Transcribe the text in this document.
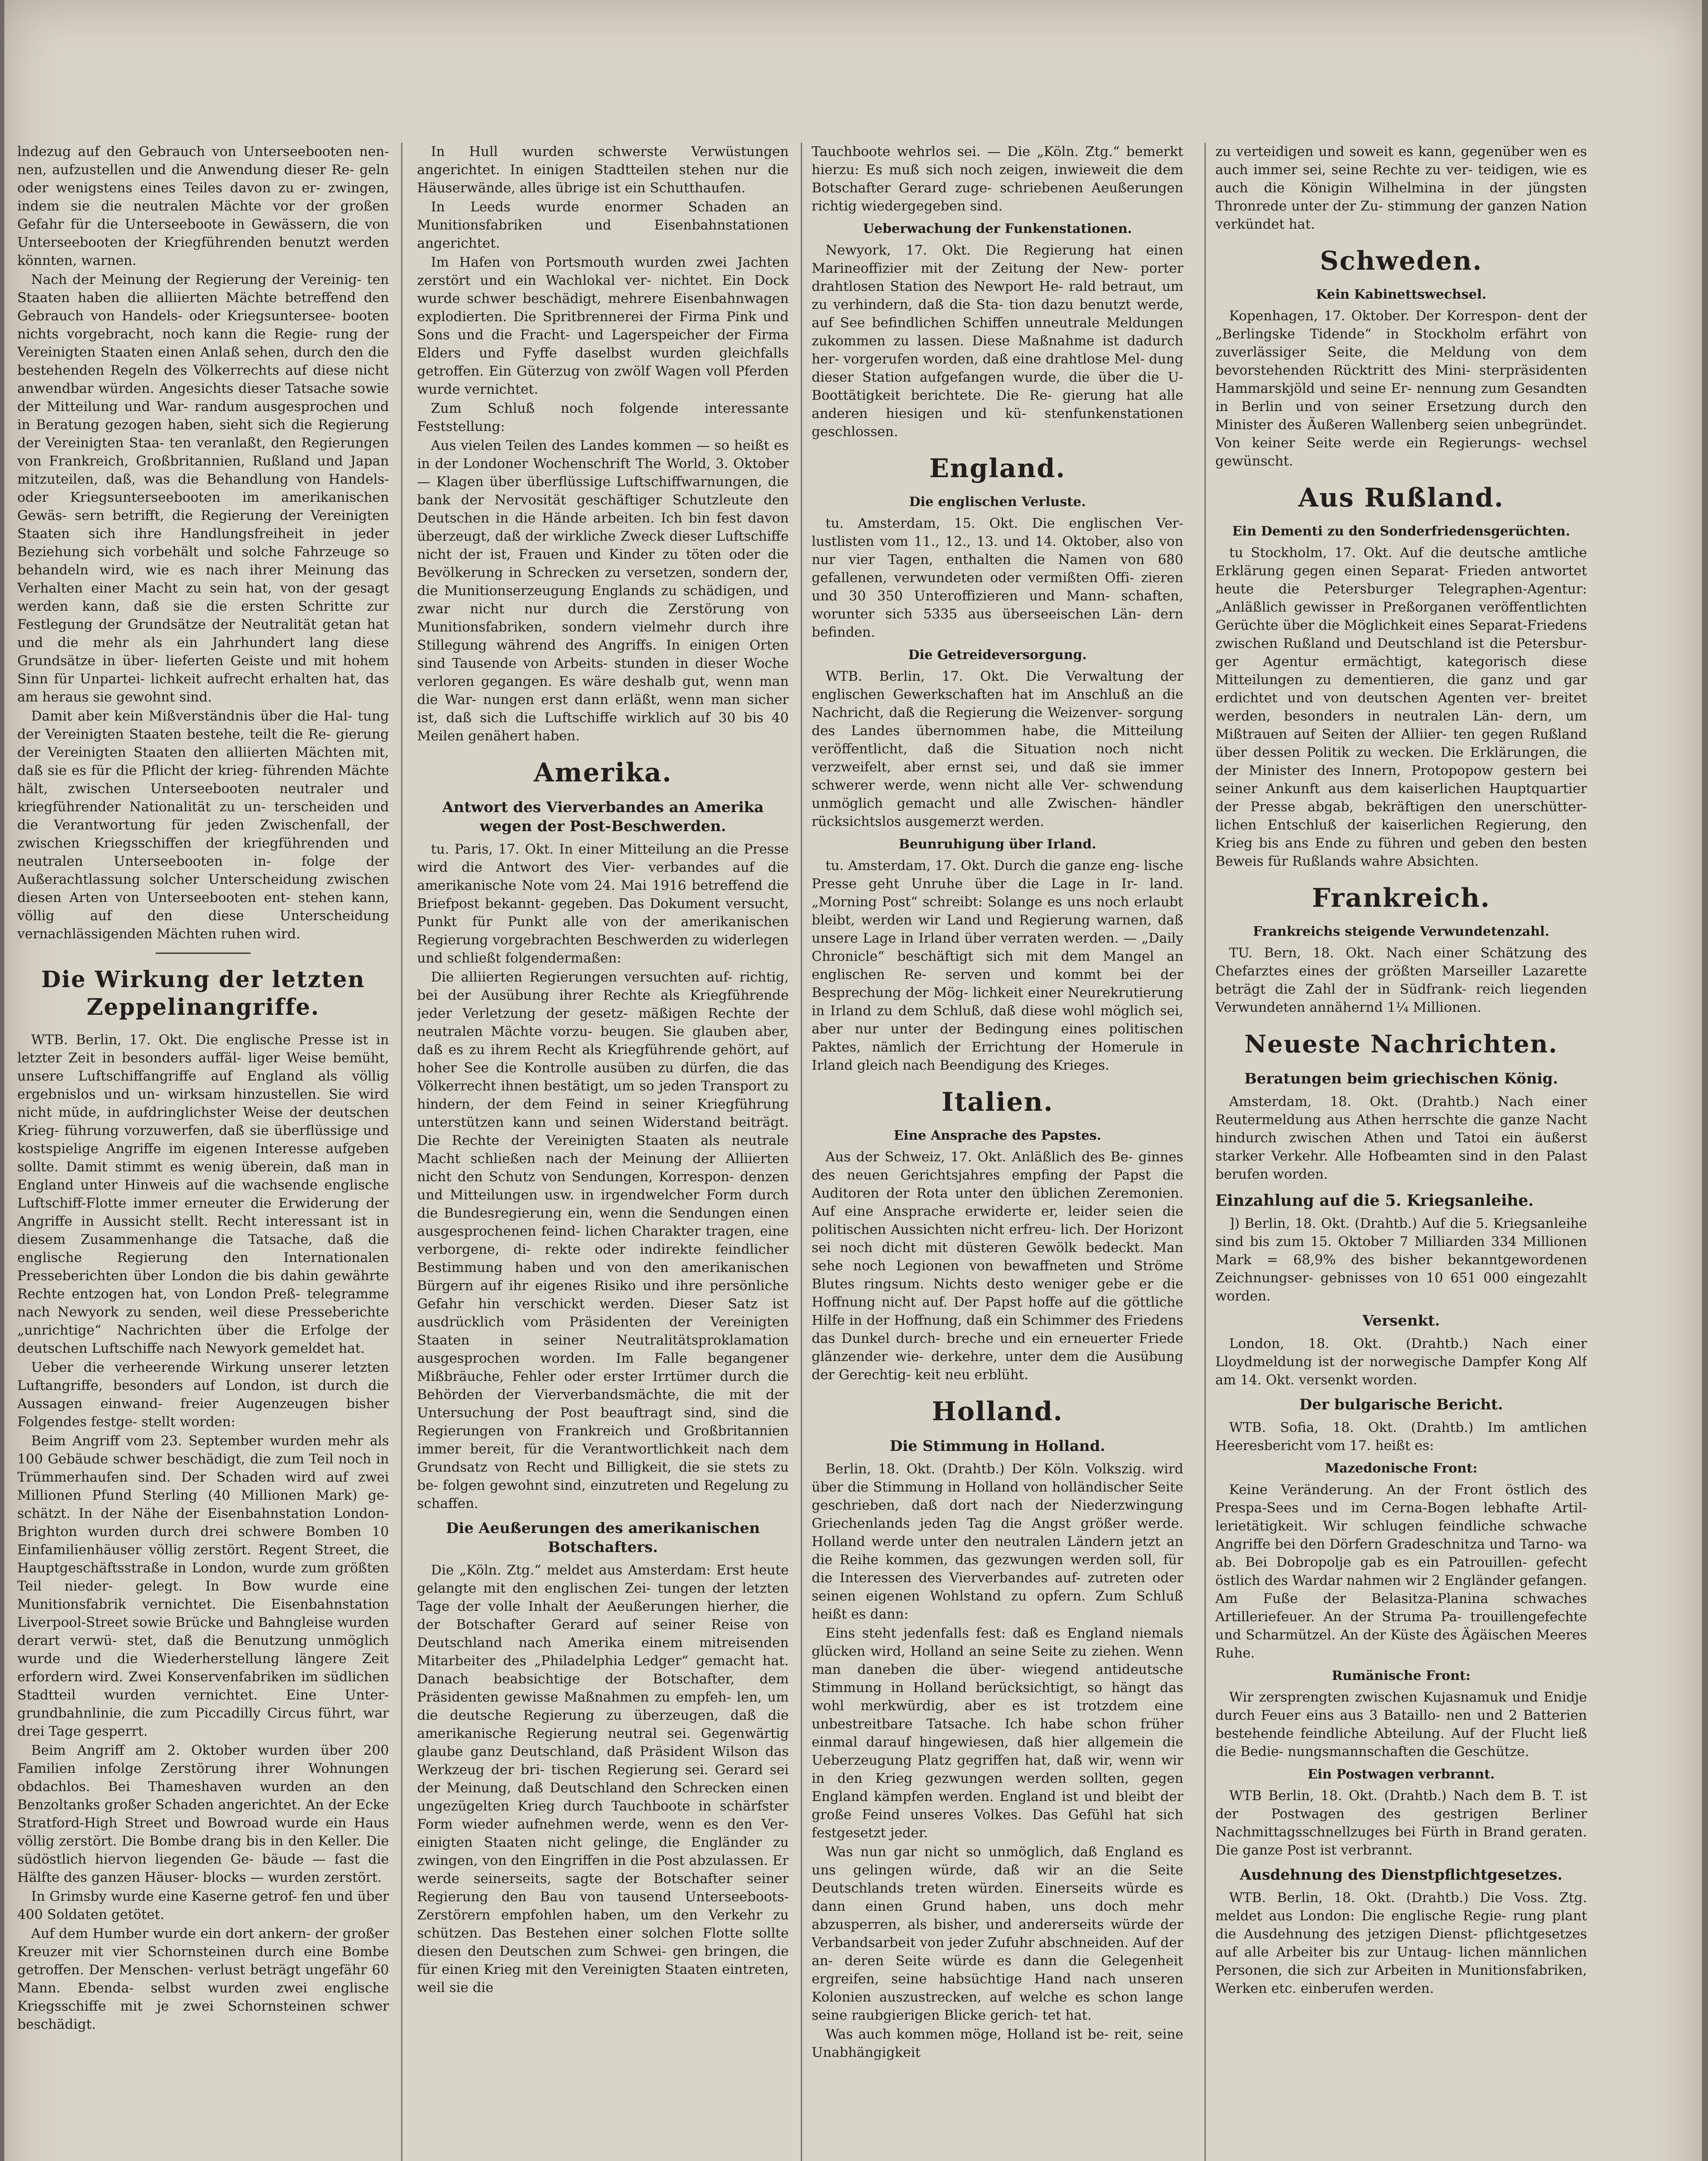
lndezug auf den Gebrauch von Unterseebooten nen- nen, aufzustellen und die Anwendung dieser Re- geln oder wenigstens eines Teiles davon zu er- zwingen, indem sie die neutralen Mächte vor der großen Gefahr für die Unterseeboote in Gewässern, die von Unterseebooten der Kriegführenden benutzt werden könnten, warnen.

Nach der Meinung der Regierung der Vereinig- ten Staaten haben die alliierten Mächte betreffend den Gebrauch von Handels- oder Kriegsuntersee- booten nichts vorgebracht, noch kann die Regie- rung der Vereinigten Staaten einen Anlaß sehen, durch den die bestehenden Regeln des Völkerrechts auf diese nicht anwendbar würden. Angesichts dieser Tatsache sowie der Mitteilung und War- randum ausgesprochen und in Beratung gezogen haben, sieht sich die Regierung der Vereinigten Staa- ten veranlaßt, den Regierungen von Frankreich, Großbritannien, Rußland und Japan mitzuteilen, daß, was die Behandlung von Handels- oder Kriegsunterseebooten im amerikanischen Gewäs- sern betrifft, die Regierung der Vereinigten Staaten sich ihre Handlungsfreiheit in jeder Beziehung sich vorbehält und solche Fahrzeuge so behandeln wird, wie es nach ihrer Meinung das Verhalten einer Macht zu sein hat, von der gesagt werden kann, daß sie die ersten Schritte zur Festlegung der Grundsätze der Neutralität getan hat und die mehr als ein Jahrhundert lang diese Grundsätze in über- lieferten Geiste und mit hohem Sinn für Unpartei- lichkeit aufrecht erhalten hat, das am heraus sie gewohnt sind.

Damit aber kein Mißverständnis über die Hal- tung der Vereinigten Staaten bestehe, teilt die Re- gierung der Vereinigten Staaten den alliierten Mächten mit, daß sie es für die Pflicht der krieg- führenden Mächte hält, zwischen Unterseebooten neutraler und kriegführender Nationalität zu un- terscheiden und die Verantwortung für jeden Zwischenfall, der zwischen Kriegsschiffen der kriegführenden und neutralen Unterseebooten in- folge der Außerachtlassung solcher Unterscheidung zwischen diesen Arten von Unterseebooten ent- stehen kann, völlig auf den diese Unterscheidung vernachlässigenden Mächten ruhen wird.

Die Wirkung der letzten Zeppelinangriffe.

WTB. Berlin, 17. Okt. Die englische Presse ist in letzter Zeit in besonders auffäl- liger Weise bemüht, unsere Luftschiffangriffe auf England als völlig ergebnislos und un- wirksam hinzustellen. Sie wird nicht müde, in aufdringlichster Weise der deutschen Krieg- führung vorzuwerfen, daß sie überflüssige und kostspielige Angriffe im eigenen Interesse aufgeben sollte. Damit stimmt es wenig überein, daß man in England unter Hinweis auf die wachsende englische Luftschiff-Flotte immer erneuter die Erwiderung der Angriffe in Aussicht stellt. Recht interessant ist in diesem Zusammenhange die Tatsache, daß die englische Regierung den Internationalen Presseberichten über London die bis dahin gewährte Rechte entzogen hat, von London Preß- telegramme nach Newyork zu senden, weil diese Presseberichte „unrichtige“ Nachrichten über die Erfolge der deutschen Luftschiffe nach Newyork gemeldet hat.

Ueber die verheerende Wirkung unserer letzten Luftangriffe, besonders auf London, ist durch die Aussagen einwand- freier Augenzeugen bisher Folgendes festge- stellt worden:

Beim Angriff vom 23. September wurden mehr als 100 Gebäude schwer beschädigt, die zum Teil noch in Trümmerhaufen sind. Der Schaden wird auf zwei Millionen Pfund Sterling (40 Millionen Mark) ge- schätzt. In der Nähe der Eisenbahnstation London-Brighton wurden durch drei schwere Bomben 10 Einfamilienhäuser völlig zerstört. Regent Street, die Hauptgeschäftsstraße in London, wurde zum größten Teil nieder- gelegt. In Bow wurde eine Munitionsfabrik vernichtet. Die Eisenbahnstation Liverpool-Street sowie Brücke und Bahngleise wurden derart verwü- stet, daß die Benutzung unmöglich wurde und die Wiederherstellung längere Zeit erfordern wird. Zwei Konservenfabriken im südlichen Stadtteil wurden vernichtet. Eine Unter- grundbahnlinie, die zum Piccadilly Circus führt, war drei Tage gesperrt.

Beim Angriff am 2. Oktober wurden über 200 Familien infolge Zerstörung ihrer Wohnungen obdachlos. Bei Thameshaven wurden an den Benzoltanks großer Schaden angerichtet. An der Ecke Stratford-High Street und Bowroad wurde ein Haus völlig zerstört. Die Bombe drang bis in den Keller. Die südöstlich hiervon liegenden Ge- bäude — fast die Hälfte des ganzen Häuser- blocks — wurden zerstört.

In Grimsby wurde eine Kaserne getrof- fen und über 400 Soldaten getötet.

Auf dem Humber wurde ein dort ankern- der großer Kreuzer mit vier Schornsteinen durch eine Bombe getroffen. Der Menschen- verlust beträgt ungefähr 60 Mann. Ebenda- selbst wurden zwei englische Kriegsschiffe mit je zwei Schornsteinen schwer beschädigt.

In Hull wurden schwerste Verwüstungen angerichtet. In einigen Stadtteilen stehen nur die Häuserwände, alles übrige ist ein Schutthaufen.

In Leeds wurde enormer Schaden an Munitionsfabriken und Eisenbahnstationen angerichtet.

Im Hafen von Portsmouth wurden zwei Jachten zerstört und ein Wachlokal ver- nichtet. Ein Dock wurde schwer beschädigt, mehrere Eisenbahnwagen explodierten. Die Spritbrennerei der Firma Pink und Sons und die Fracht- und Lagerspeicher der Firma Elders und Fyffe daselbst wurden gleichfalls getroffen. Ein Güterzug von zwölf Wagen voll Pferden wurde vernichtet.

Zum Schluß noch folgende interessante Feststellung:

Aus vielen Teilen des Landes kommen — so heißt es in der Londoner Wochenschrift The World, 3. Oktober — Klagen über überflüssige Luftschiffwarnungen, die bank der Nervosität geschäftiger Schutzleute den Deutschen in die Hände arbeiten. Ich bin fest davon überzeugt, daß der wirkliche Zweck dieser Luftschiffe nicht der ist, Frauen und Kinder zu töten oder die Bevölkerung in Schrecken zu versetzen, sondern der, die Munitionserzeugung Englands zu schädigen, und zwar nicht nur durch die Zerstörung von Munitionsfabriken, sondern vielmehr durch ihre Stillegung während des Angriffs. In einigen Orten sind Tausende von Arbeits- stunden in dieser Woche verloren gegangen. Es wäre deshalb gut, wenn man die War- nungen erst dann erläßt, wenn man sicher ist, daß sich die Luftschiffe wirklich auf 30 bis 40 Meilen genähert haben.

Amerika.
Antwort des Vierverbandes an Amerika wegen der Post-Beschwerden.

tu. Paris, 17. Okt. In einer Mitteilung an die Presse wird die Antwort des Vier- verbandes auf die amerikanische Note vom 24. Mai 1916 betreffend die Briefpost bekannt- gegeben. Das Dokument versucht, Punkt für Punkt alle von der amerikanischen Regierung vorgebrachten Beschwerden zu widerlegen und schließt folgendermaßen:

Die alliierten Regierungen versuchten auf- richtig, bei der Ausübung ihrer Rechte als Kriegführende jeder Verletzung der gesetz- mäßigen Rechte der neutralen Mächte vorzu- beugen. Sie glauben aber, daß es zu ihrem Recht als Kriegführende gehört, auf hoher See die Kontrolle ausüben zu dürfen, die das Völkerrecht ihnen bestätigt, um so jeden Transport zu hindern, der dem Feind in seiner Kriegführung unterstützen kann und seinen Widerstand beiträgt. Die Rechte der Vereinigten Staaten als neutrale Macht schließen nach der Meinung der Alliierten nicht den Schutz von Sendungen, Korrespon- denzen und Mitteilungen usw. in irgendwelcher Form durch die Bundesregierung ein, wenn die Sendungen einen ausgesprochenen feind- lichen Charakter tragen, eine verborgene, di- rekte oder indirekte feindlicher Bestimmung haben und von den amerikanischen Bürgern auf ihr eigenes Risiko und ihre persönliche Gefahr hin verschickt werden. Dieser Satz ist ausdrücklich vom Präsidenten der Vereinigten Staaten in seiner Neutralitätsproklamation ausgesprochen worden. Im Falle begangener Mißbräuche, Fehler oder erster Irrtümer durch die Behörden der Vierverbandsmächte, die mit der Untersuchung der Post beauftragt sind, sind die Regierungen von Frankreich und Großbritannien immer bereit, für die Verantwortlichkeit nach dem Grundsatz von Recht und Billigkeit, die sie stets zu be- folgen gewohnt sind, einzutreten und Regelung zu schaffen.

Die Aeußerungen des amerikanischen Botschafters.

Die „Köln. Ztg.“ meldet aus Amsterdam: Erst heute gelangte mit den englischen Zei- tungen der letzten Tage der volle Inhalt der Aeußerungen hierher, die der Botschafter Gerard auf seiner Reise von Deutschland nach Amerika einem mitreisenden Mitarbeiter des „Philadelphia Ledger“ gemacht hat. Danach beabsichtige der Botschafter, dem Präsidenten gewisse Maßnahmen zu empfeh- len, um die deutsche Regierung zu überzeugen, daß die amerikanische Regierung neutral sei. Gegenwärtig glaube ganz Deutschland, daß Präsident Wilson das Werkzeug der bri- tischen Regierung sei. Gerard sei der Meinung, daß Deutschland den Schrecken einen ungezügelten Krieg durch Tauchboote in schärfster Form wieder aufnehmen werde, wenn es den Ver- einigten Staaten nicht gelinge, die Engländer zu zwingen, von den Eingriffen in die Post abzulassen. Er werde seinerseits, sagte der Botschafter seiner Regierung den Bau von tausend Unterseeboots-Zerstörern empfohlen haben, um den Verkehr zu schützen. Das Bestehen einer solchen Flotte sollte diesen den Deutschen zum Schwei- gen bringen, die für einen Krieg mit den Vereinigten Staaten eintreten, weil sie die

Tauchboote wehrlos sei. — Die „Köln. Ztg.“ bemerkt hierzu: Es muß sich noch zeigen, inwieweit die dem Botschafter Gerard zuge- schriebenen Aeußerungen richtig wiedergegeben sind.

Ueberwachung der Funkenstationen.

Newyork, 17. Okt. Die Regierung hat einen Marineoffizier mit der Zeitung der New- porter drahtlosen Station des Newport He- rald betraut, um zu verhindern, daß die Sta- tion dazu benutzt werde, auf See befindlichen Schiffen unneutrale Meldungen zukommen zu lassen. Diese Maßnahme ist dadurch her- vorgerufen worden, daß eine drahtlose Mel- dung dieser Station aufgefangen wurde, die über die U-Boottätigkeit berichtete. Die Re- gierung hat alle anderen hiesigen und kü- stenfunkenstationen geschlossen.

England.
Die englischen Verluste.

tu. Amsterdam, 15. Okt. Die englischen Ver- lustlisten vom 11., 12., 13. und 14. Oktober, also von nur vier Tagen, enthalten die Namen von 680 gefallenen, verwundeten oder vermißten Offi- zieren und 30 350 Unteroffizieren und Mann- schaften, worunter sich 5335 aus überseeischen Län- dern befinden.

Die Getreideversorgung.

WTB. Berlin, 17. Okt. Die Verwaltung der englischen Gewerkschaften hat im Anschluß an die Nachricht, daß die Regierung die Weizenver- sorgung des Landes übernommen habe, die Mitteilung veröffentlicht, daß die Situation noch nicht verzweifelt, aber ernst sei, und daß sie immer schwerer werde, wenn nicht alle Ver- schwendung unmöglich gemacht und alle Zwischen- händler rücksichtslos ausgemerzt werden.

Beunruhigung über Irland.

tu. Amsterdam, 17. Okt. Durch die ganze eng- lische Presse geht Unruhe über die Lage in Ir- land. „Morning Post“ schreibt: Solange es uns noch erlaubt bleibt, werden wir Land und Regierung warnen, daß unsere Lage in Irland über verraten werden. — „Daily Chronicle“ beschäftigt sich mit dem Mangel an englischen Re- serven und kommt bei der Besprechung der Mög- lichkeit einer Neurekrutierung in Irland zu dem Schluß, daß diese wohl möglich sei, aber nur unter der Bedingung eines politischen Paktes, nämlich der Errichtung der Homerule in Irland gleich nach Beendigung des Krieges.

Italien.
Eine Ansprache des Papstes.

Aus der Schweiz, 17. Okt. Anläßlich des Be- ginnes des neuen Gerichtsjahres empfing der Papst die Auditoren der Rota unter den üblichen Zeremonien. Auf eine Ansprache erwiderte er, leider seien die politischen Aussichten nicht erfreu- lich. Der Horizont sei noch dicht mit düsteren Gewölk bedeckt. Man sehe noch Legionen von bewaffneten und Ströme Blutes ringsum. Nichts desto weniger gebe er die Hoffnung nicht auf. Der Papst hoffe auf die göttliche Hilfe in der Hoffnung, daß ein Schimmer des Friedens das Dunkel durch- breche und ein erneuerter Friede glänzender wie- derkehre, unter dem die Ausübung der Gerechtig- keit neu erblüht.

Holland.
Die Stimmung in Holland.

Berlin, 18. Okt. (Drahtb.) Der Köln. Volkszig. wird über die Stimmung in Holland von holländischer Seite geschrieben, daß dort nach der Niederzwingung Griechenlands jeden Tag die Angst größer werde. Holland werde unter den neutralen Ländern jetzt an die Reihe kommen, das gezwungen werden soll, für die Interessen des Vierverbandes auf- zutreten oder seinen eigenen Wohlstand zu opfern. Zum Schluß heißt es dann:

Eins steht jedenfalls fest: daß es England niemals glücken wird, Holland an seine Seite zu ziehen. Wenn man daneben die über- wiegend antideutsche Stimmung in Holland berücksichtigt, so hängt das wohl merkwürdig, aber es ist trotzdem eine unbestreitbare Tatsache. Ich habe schon früher einmal darauf hingewiesen, daß hier allgemein die Ueberzeugung Platz gegriffen hat, daß wir, wenn wir in den Krieg gezwungen werden sollten, gegen England kämpfen werden. England ist und bleibt der große Feind unseres Volkes. Das Gefühl hat sich festgesetzt jeder.

Was nun gar nicht so unmöglich, daß England es uns gelingen würde, daß wir an die Seite Deutschlands treten würden. Einerseits würde es dann einen Grund haben, uns doch mehr abzusperren, als bisher, und andererseits würde der Verbandsarbeit von jeder Zufuhr abschneiden. Auf der an- deren Seite würde es dann die Gelegenheit ergreifen, seine habsüchtige Hand nach unseren Kolonien auszustrecken, auf welche es schon lange seine raubgierigen Blicke gerich- tet hat.

Was auch kommen möge, Holland ist be- reit, seine Unabhängigkeit

zu verteidigen und soweit es kann, gegenüber wen es auch immer sei, seine Rechte zu ver- teidigen, wie es auch die Königin Wilhelmina in der jüngsten Thronrede unter der Zu- stimmung der ganzen Nation verkündet hat.

Schweden.
Kein Kabinettswechsel.

Kopenhagen, 17. Oktober. Der Korrespon- dent der „Berlingske Tidende“ in Stockholm erfährt von zuverlässiger Seite, die Meldung von dem bevorstehenden Rücktritt des Mini- sterpräsidenten Hammarskjöld und seine Er- nennung zum Gesandten in Berlin und von seiner Ersetzung durch den Minister des Äußeren Wallenberg seien unbegründet. Von keiner Seite werde ein Regierungs- wechsel gewünscht.

Aus Rußland.
Ein Dementi zu den Sonderfriedensgerüchten.

tu Stockholm, 17. Okt. Auf die deutsche amtliche Erklärung gegen einen Separat- Frieden antwortet heute die Petersburger Telegraphen-Agentur: „Anläßlich gewisser in Preßorganen veröffentlichten Gerüchte über die Möglichkeit eines Separat-Friedens zwischen Rußland und Deutschland ist die Petersbur- ger Agentur ermächtigt, kategorisch diese Mitteilungen zu dementieren, die ganz und gar erdichtet und von deutschen Agenten ver- breitet werden, besonders in neutralen Län- dern, um Mißtrauen auf Seiten der Alliier- ten gegen Rußland über dessen Politik zu wecken. Die Erklärungen, die der Minister des Innern, Protopopow gestern bei seiner Ankunft aus dem kaiserlichen Hauptquartier der Presse abgab, bekräftigen den unerschütter- lichen Entschluß der kaiserlichen Regierung, den Krieg bis ans Ende zu führen und geben den besten Beweis für Rußlands wahre Absichten.

Frankreich.
Frankreichs steigende Verwundetenzahl.

TU. Bern, 18. Okt. Nach einer Schätzung des Chefarztes eines der größten Marseiller Lazarette beträgt die Zahl der in Südfrank- reich liegenden Verwundeten annähernd 1¼ Millionen.

Neueste Nachrichten.
Beratungen beim griechischen König.

Amsterdam, 18. Okt. (Drahtb.) Nach einer Reutermeldung aus Athen herrschte die ganze Nacht hindurch zwischen Athen und Tatoi ein äußerst starker Verkehr. Alle Hofbeamten sind in den Palast berufen worden.

Einzahlung auf die 5. Kriegsanleihe.

]) Berlin, 18. Okt. (Drahtb.) Auf die 5. Kriegsanleihe sind bis zum 15. Oktober 7 Milliarden 334 Millionen Mark = 68,9% des bisher bekanntgewordenen Zeichnungser- gebnisses von 10 651 000 eingezahlt worden.

Versenkt.

London, 18. Okt. (Drahtb.) Nach einer Lloydmeldung ist der norwegische Dampfer Kong Alf am 14. Okt. versenkt worden.

Der bulgarische Bericht.

WTB. Sofia, 18. Okt. (Drahtb.) Im amtlichen Heeresbericht vom 17. heißt es:

Mazedonische Front:

Keine Veränderung. An der Front östlich des Prespa-Sees und im Cerna-Bogen lebhafte Artil- lerietätigkeit. Wir schlugen feindliche schwache Angriffe bei den Dörfern Gradeschnitza und Tarno- wa ab. Bei Dobropolje gab es ein Patrouillen- gefecht östlich des Wardar nahmen wir 2 Engländer gefangen. Am Fuße der Belasitza-Planina schwaches Artilleriefeuer. An der Struma Pa- trouillengefechte und Scharmützel. An der Küste des Ägäischen Meeres Ruhe.

Rumänische Front:

Wir zersprengten zwischen Kujasnamuk und Enidje durch Feuer eins aus 3 Bataillo- nen und 2 Batterien bestehende feindliche Abteilung. Auf der Flucht ließ die Bedie- nungsmannschaften die Geschütze.

Ein Postwagen verbrannt.

WTB Berlin, 18. Okt. (Drahtb.) Nach dem B. T. ist der Postwagen des gestrigen Berliner Nachmittagsschnellzuges bei Fürth in Brand geraten. Die ganze Post ist verbrannt.

Ausdehnung des Dienstpflichtgesetzes.

WTB. Berlin, 18. Okt. (Drahtb.) Die Voss. Ztg. meldet aus London: Die englische Regie- rung plant die Ausdehnung des jetzigen Dienst- pflichtgesetzes auf alle Arbeiter bis zur Untaug- lichen männlichen Personen, die sich zur Arbeiten in Munitionsfabriken, Werken etc. einberufen werden.
